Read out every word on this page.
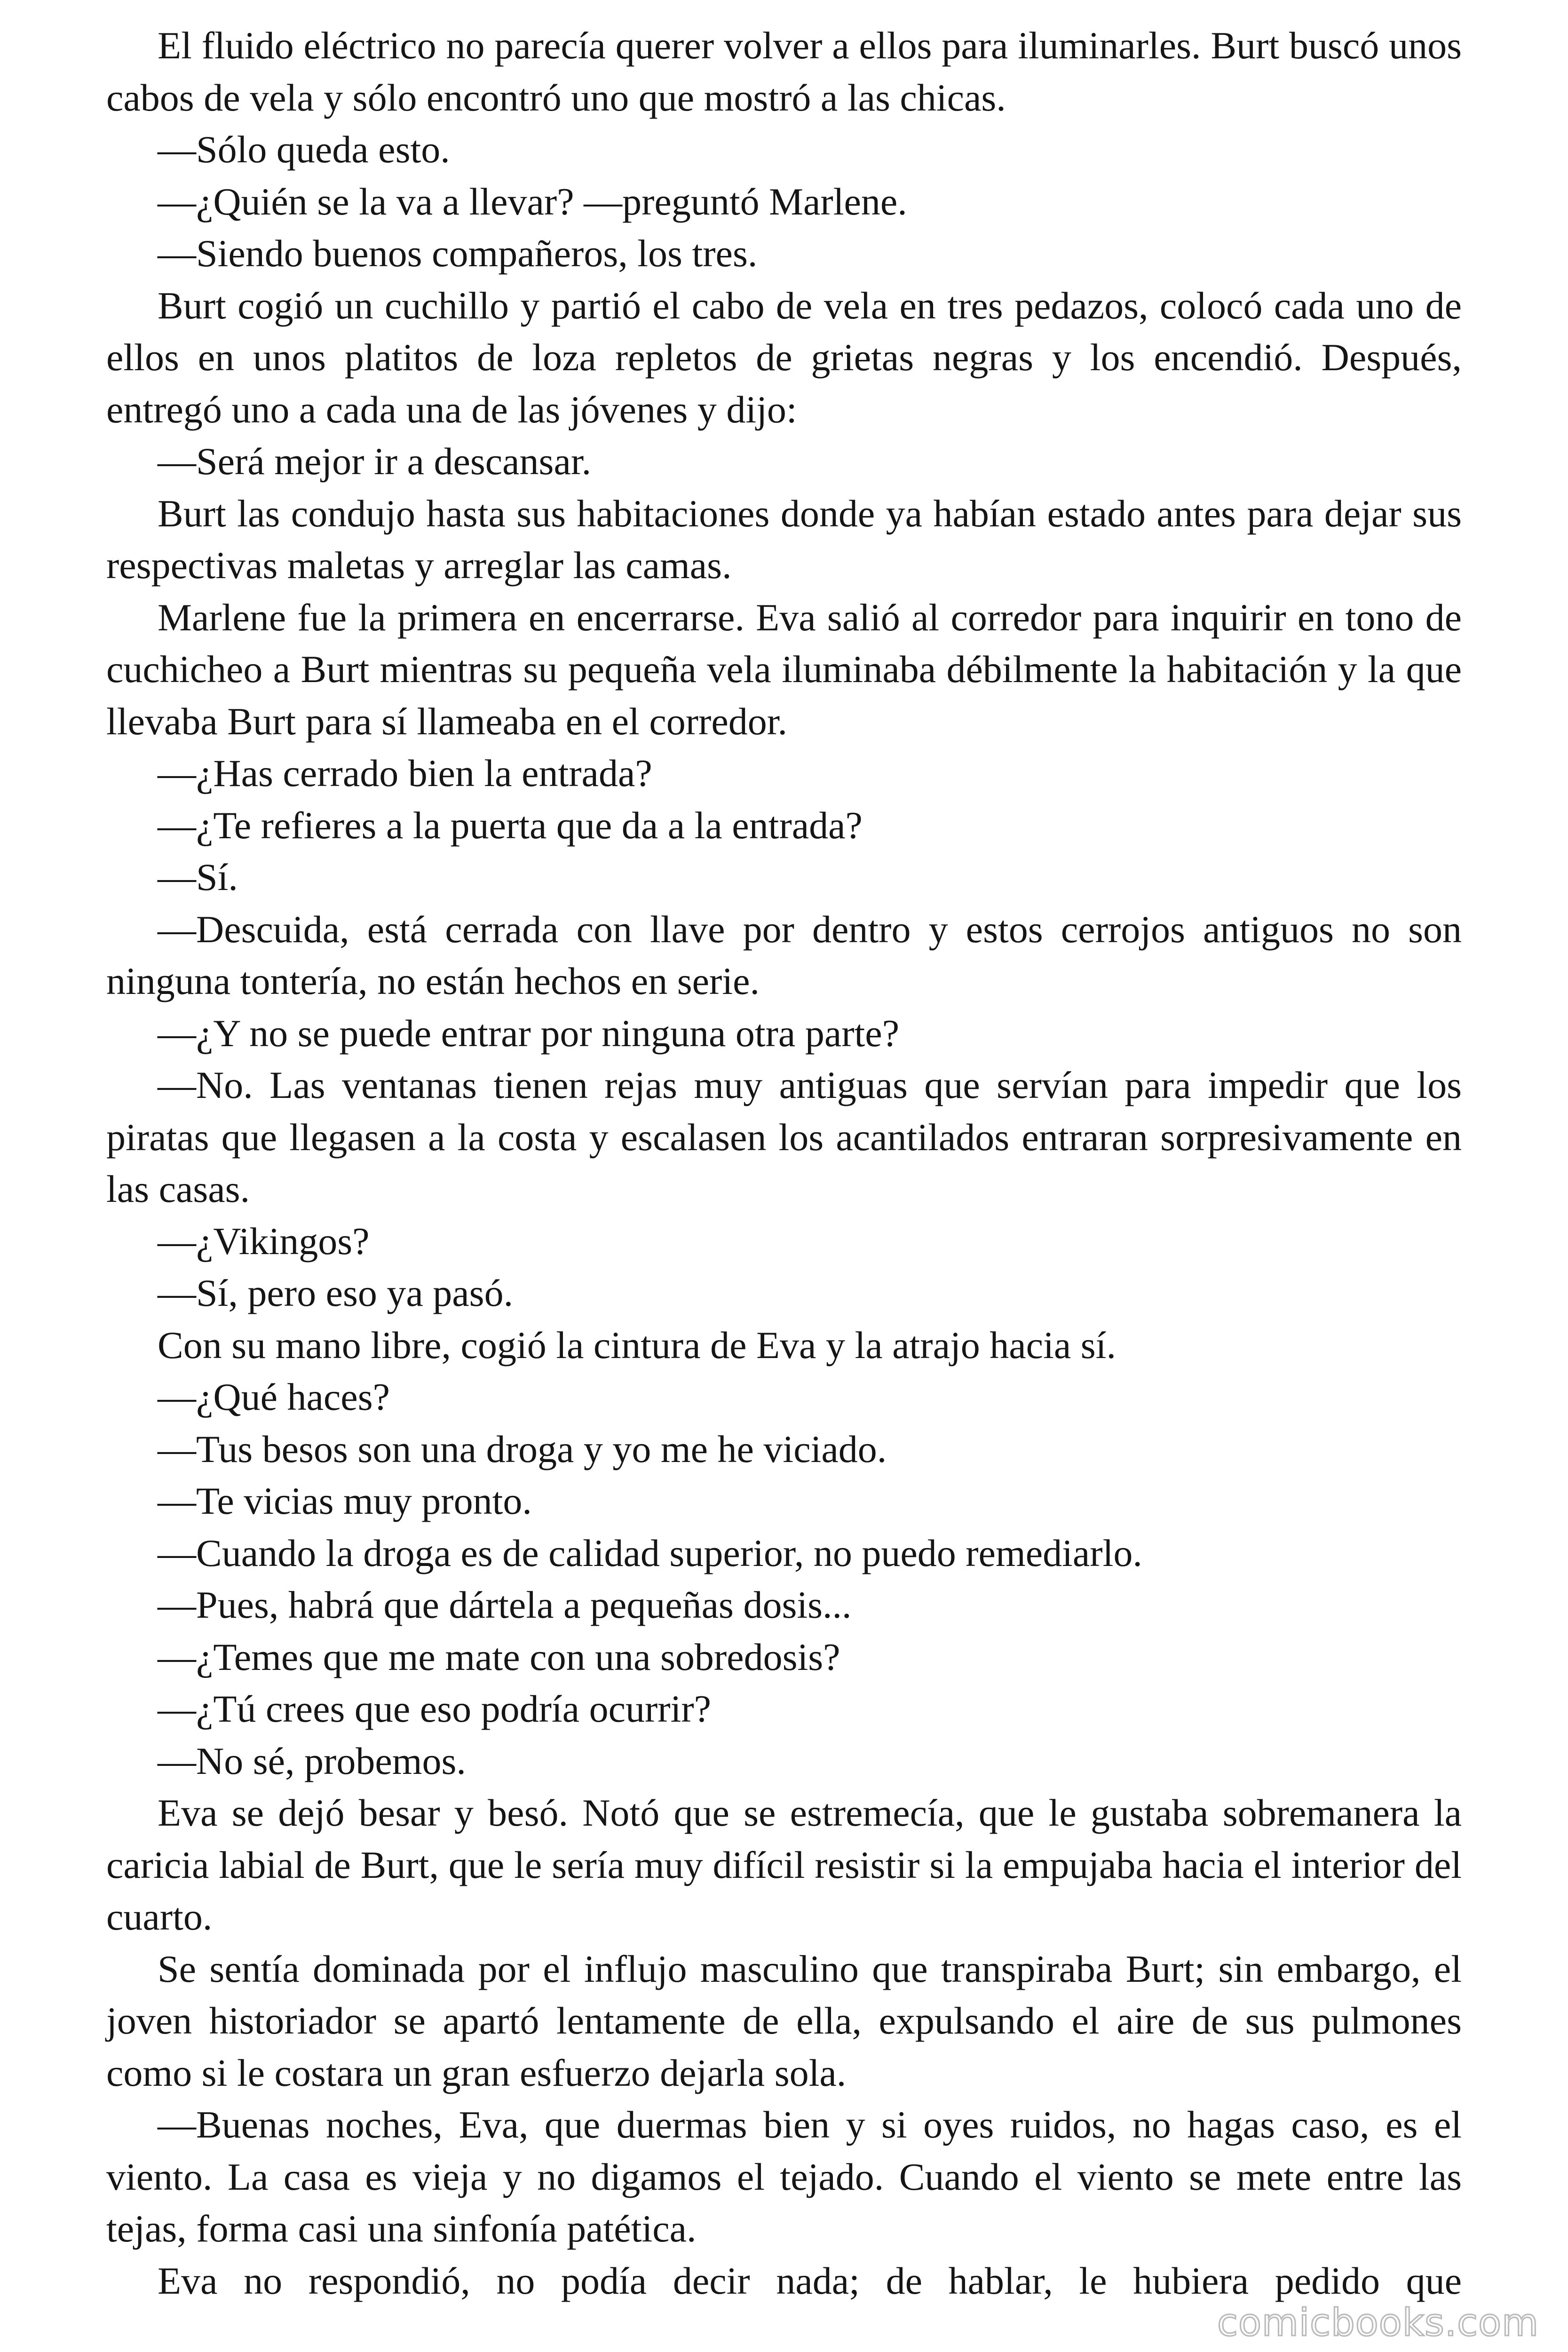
El fluido eléctrico no parecía querer volver a ellos para iluminarles. Burt buscó unos cabos de vela y sólo encontró uno que mostró a las chicas.

—Sólo queda esto.

—¿Quién se la va a llevar? —preguntó Marlene.

—Siendo buenos compañeros, los tres.

Burt cogió un cuchillo y partió el cabo de vela en tres pedazos, colocó cada uno de ellos en unos platitos de loza repletos de grietas negras y los encendió. Después, entregó uno a cada una de las jóvenes y dijo:

—Será mejor ir a descansar.

Burt las condujo hasta sus habitaciones donde ya habían estado antes para dejar sus respectivas maletas y arreglar las camas.

Marlene fue la primera en encerrarse. Eva salió al corredor para inquirir en tono de cuchicheo a Burt mientras su pequeña vela iluminaba débilmente la habitación y la que llevaba Burt para sí llameaba en el corredor.

—¿Has cerrado bien la entrada?

—¿Te refieres a la puerta que da a la entrada?

—Sí.

—Descuida, está cerrada con llave por dentro y estos cerrojos antiguos no son ninguna tontería, no están hechos en serie.

—¿Y no se puede entrar por ninguna otra parte?

—No. Las ventanas tienen rejas muy antiguas que servían para impedir que los piratas que llegasen a la costa y escalasen los acantilados entraran sorpresivamente en las casas.

—¿Vikingos?

—Sí, pero eso ya pasó.

Con su mano libre, cogió la cintura de Eva y la atrajo hacia sí.

—¿Qué haces?

—Tus besos son una droga y yo me he viciado.

—Te vicias muy pronto.

—Cuando la droga es de calidad superior, no puedo remediarlo.

—Pues, habrá que dártela a pequeñas dosis...

—¿Temes que me mate con una sobredosis?

—¿Tú crees que eso podría ocurrir?

—No sé, probemos.

Eva se dejó besar y besó. Notó que se estremecía, que le gustaba sobremanera la caricia labial de Burt, que le sería muy difícil resistir si la empujaba hacia el interior del cuarto.

Se sentía dominada por el influjo masculino que transpiraba Burt; sin embargo, el joven historiador se apartó lentamente de ella, expulsando el aire de sus pulmones como si le costara un gran esfuerzo dejarla sola.

—Buenas noches, Eva, que duermas bien y si oyes ruidos, no hagas caso, es el viento. La casa es vieja y no digamos el tejado. Cuando el viento se mete entre las tejas, forma casi una sinfonía patética.

Eva no respondió, no podía decir nada; de hablar, le hubiera pedido que

comicbooks.com
